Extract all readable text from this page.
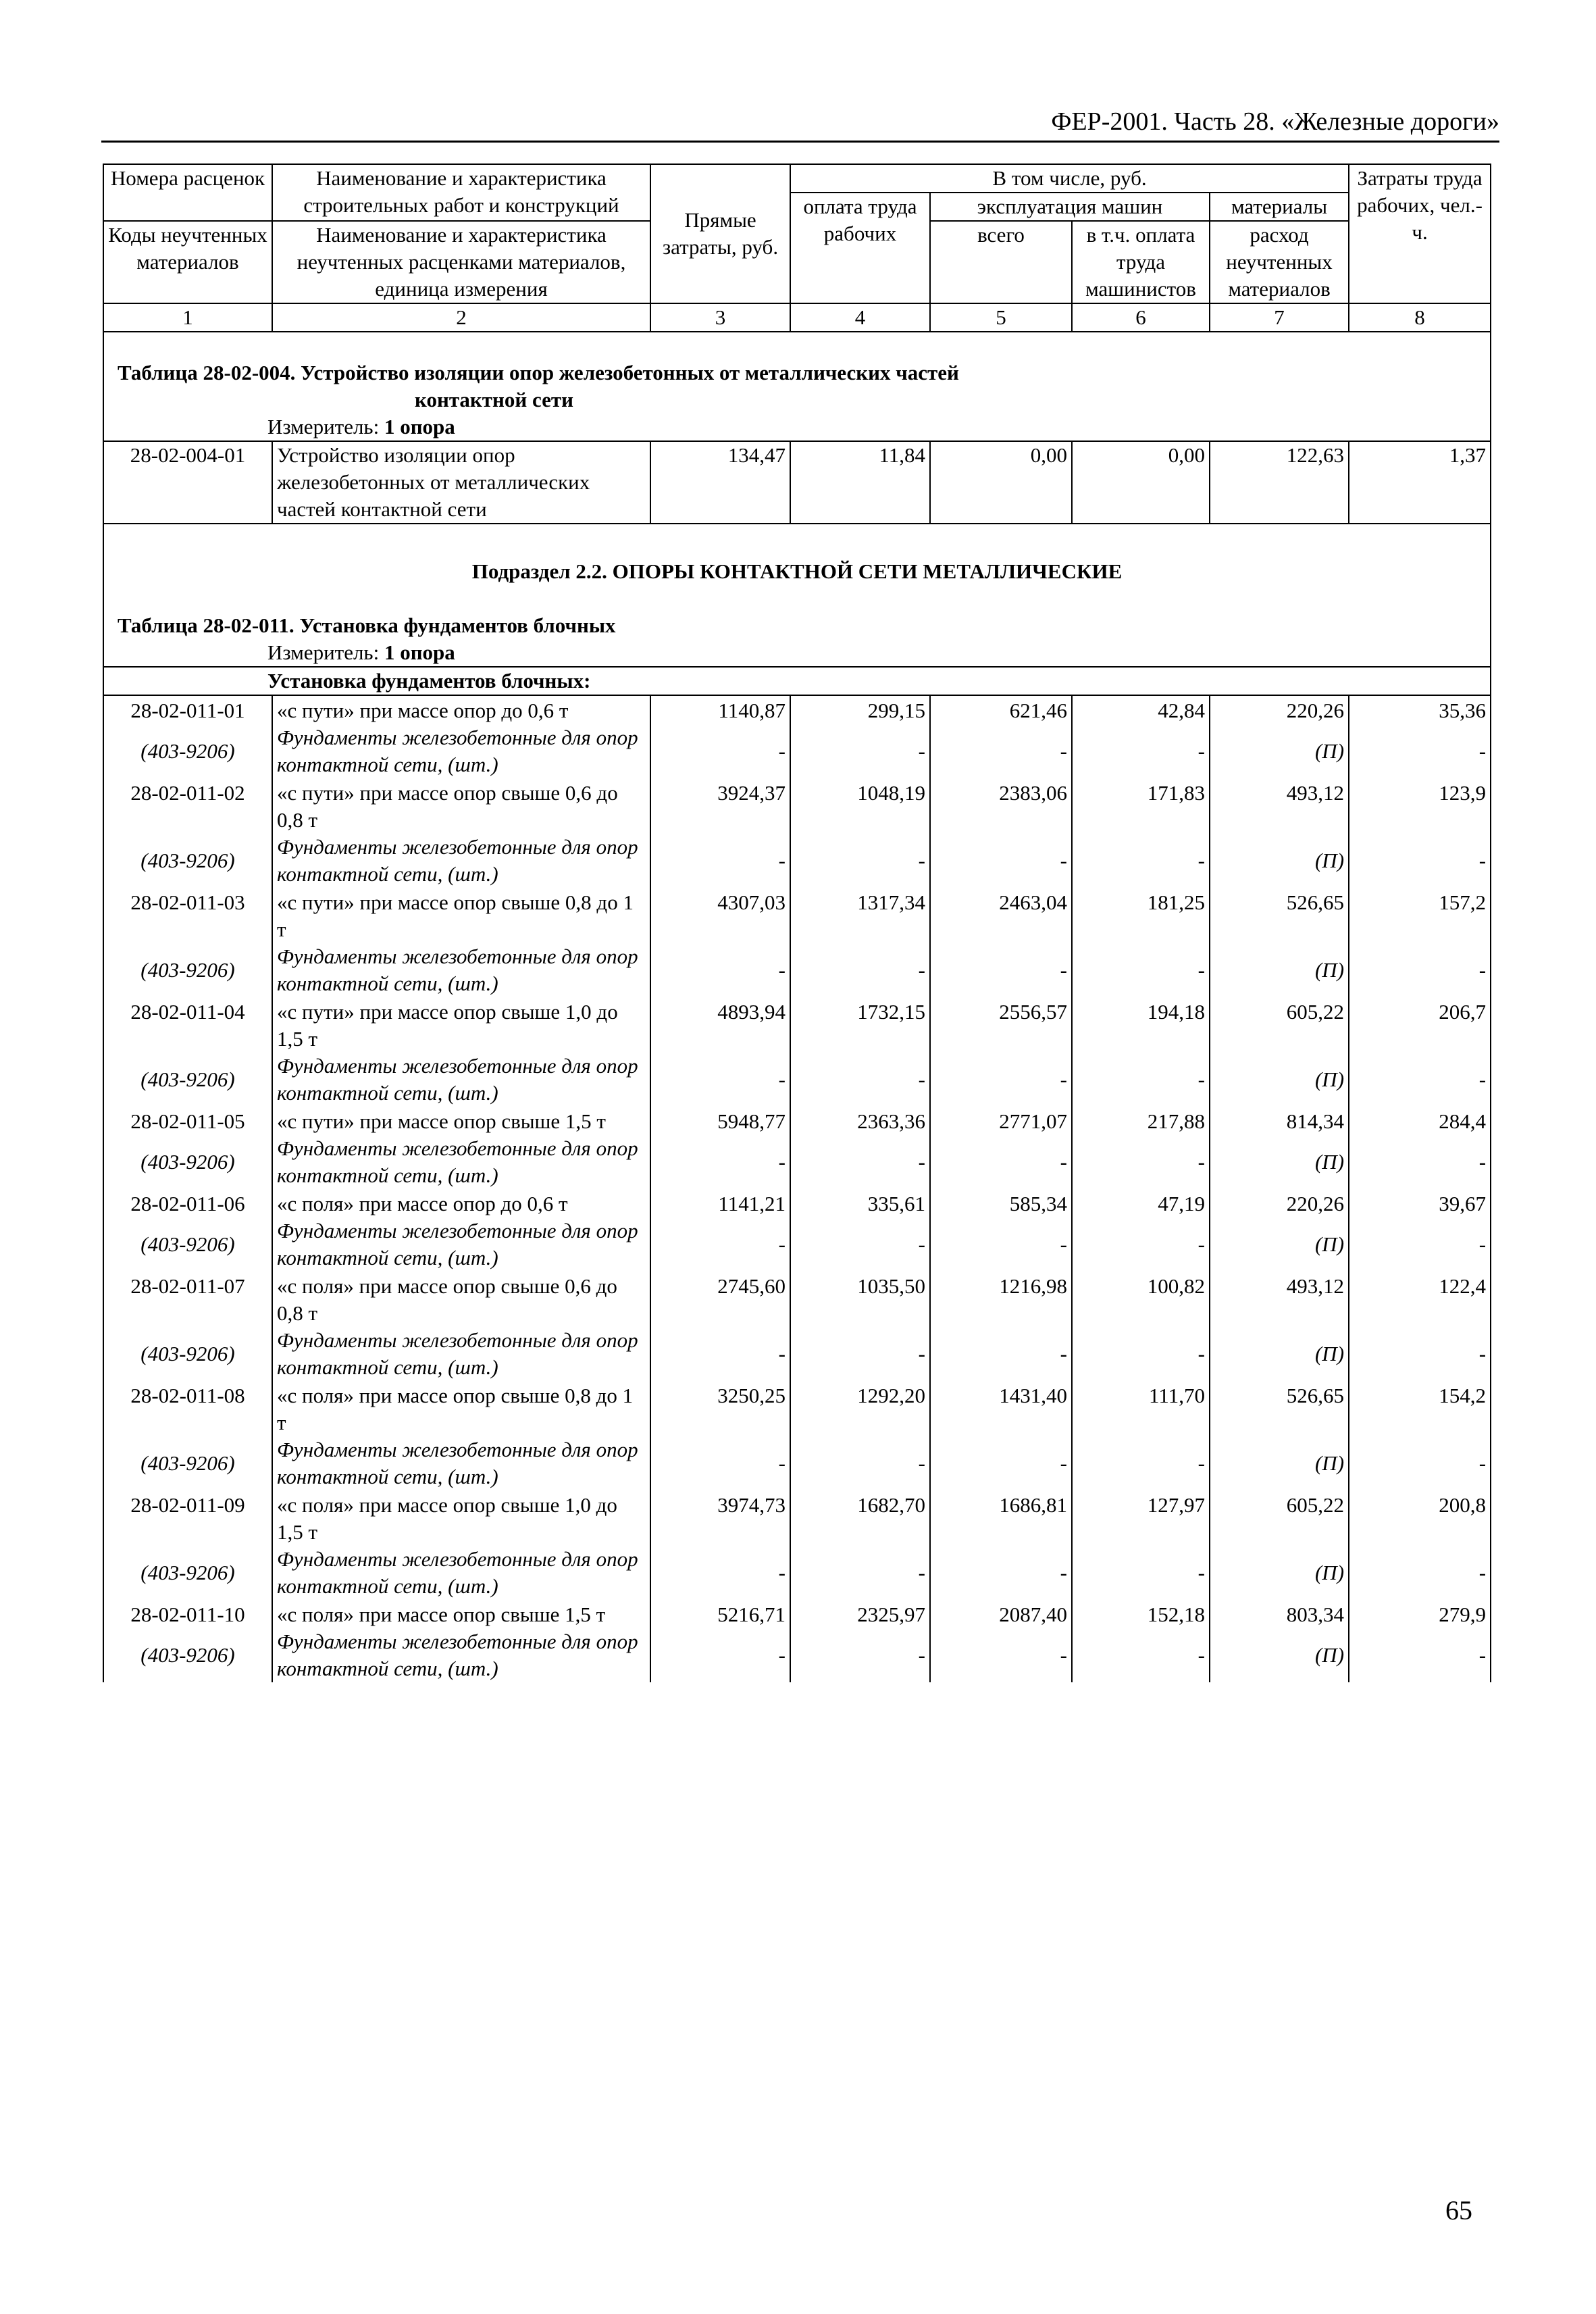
ФЕР-2001. Часть 28. «Железные дороги»
Номера расценок	Наименование и характеристика строительных работ и конструкций	Прямые затраты, руб.	В том числе, руб.				Затраты труда рабочих, чел.-ч.
			оплата труда рабочих	эксплуатация машин		материалы	
Коды неучтенных материалов	Наименование и характеристика неучтенных расценками материалов, единица измерения			всего	в т.ч. оплата труда машинистов	расход неучтенных материалов	

1	2	3	4	5	6	7	8
Таблица 28-02-004. Устройство изоляции опор железобетонных от металлических частей
контактной сети							

Измеритель: 1 опора							
28-02-004-01	Устройство изоляции опор железобетонных от металлических частей контактной сети	134,47	11,84	0,00	0,00	122,63	1,37
Подраздел 2.2. ОПОРЫ КОНТАКТНОЙ СЕТИ МЕТАЛЛИЧЕСКИЕ							
Таблица 28-02-011. Установка фундаментов блочных							
Измеритель: 1 опора							
Установка фундаментов блочных:							
28-02-011-01	«с пути» при массе опор до 0,6 т	1140,87	299,15	621,46	42,84	220,26	35,36
(403-9206)	Фундаменты железобетонные для опор контактной сети, (шт.)	-	-	-	-	(П)	-
28-02-011-02	«с пути» при массе опор свыше 0,6 до 0,8 т	3924,37	1048,19	2383,06	171,83	493,12	123,9
(403-9206)	Фундаменты железобетонные для опор контактной сети, (шт.)	-	-	-	-	(П)	-
28-02-011-03	«с пути» при массе опор свыше 0,8 до 1 т	4307,03	1317,34	2463,04	181,25	526,65	157,2
(403-9206)	Фундаменты железобетонные для опор контактной сети, (шт.)	-	-	-	-	(П)	-
28-02-011-04	«с пути» при массе опор свыше 1,0 до 1,5 т	4893,94	1732,15	2556,57	194,18	605,22	206,7
(403-9206)	Фундаменты железобетонные для опор контактной сети, (шт.)	-	-	-	-	(П)	-
28-02-011-05	«с пути» при массе опор свыше 1,5 т	5948,77	2363,36	2771,07	217,88	814,34	284,4
(403-9206)	Фундаменты железобетонные для опор контактной сети, (шт.)	-	-	-	-	(П)	-
28-02-011-06	«с поля» при массе опор до 0,6 т	1141,21	335,61	585,34	47,19	220,26	39,67
(403-9206)	Фундаменты железобетонные для опор контактной сети, (шт.)	-	-	-	-	(П)	-
28-02-011-07	«с поля» при массе опор свыше 0,6 до 0,8 т	2745,60	1035,50	1216,98	100,82	493,12	122,4
(403-9206)	Фундаменты железобетонные для опор контактной сети, (шт.)	-	-	-	-	(П)	-
28-02-011-08	«с поля» при массе опор свыше 0,8 до 1 т	3250,25	1292,20	1431,40	111,70	526,65	154,2
(403-9206)	Фундаменты железобетонные для опор контактной сети, (шт.)	-	-	-	-	(П)	-
28-02-011-09	«с поля» при массе опор свыше 1,0 до 1,5 т	3974,73	1682,70	1686,81	127,97	605,22	200,8
(403-9206)	Фундаменты железобетонные для опор контактной сети, (шт.)	-	-	-	-	(П)	-
28-02-011-10	«с поля» при массе опор свыше 1,5 т	5216,71	2325,97	2087,40	152,18	803,34	279,9
(403-9206)	Фундаменты железобетонные для опор контактной сети, (шт.)	-	-	-	-	(П)	-
65
